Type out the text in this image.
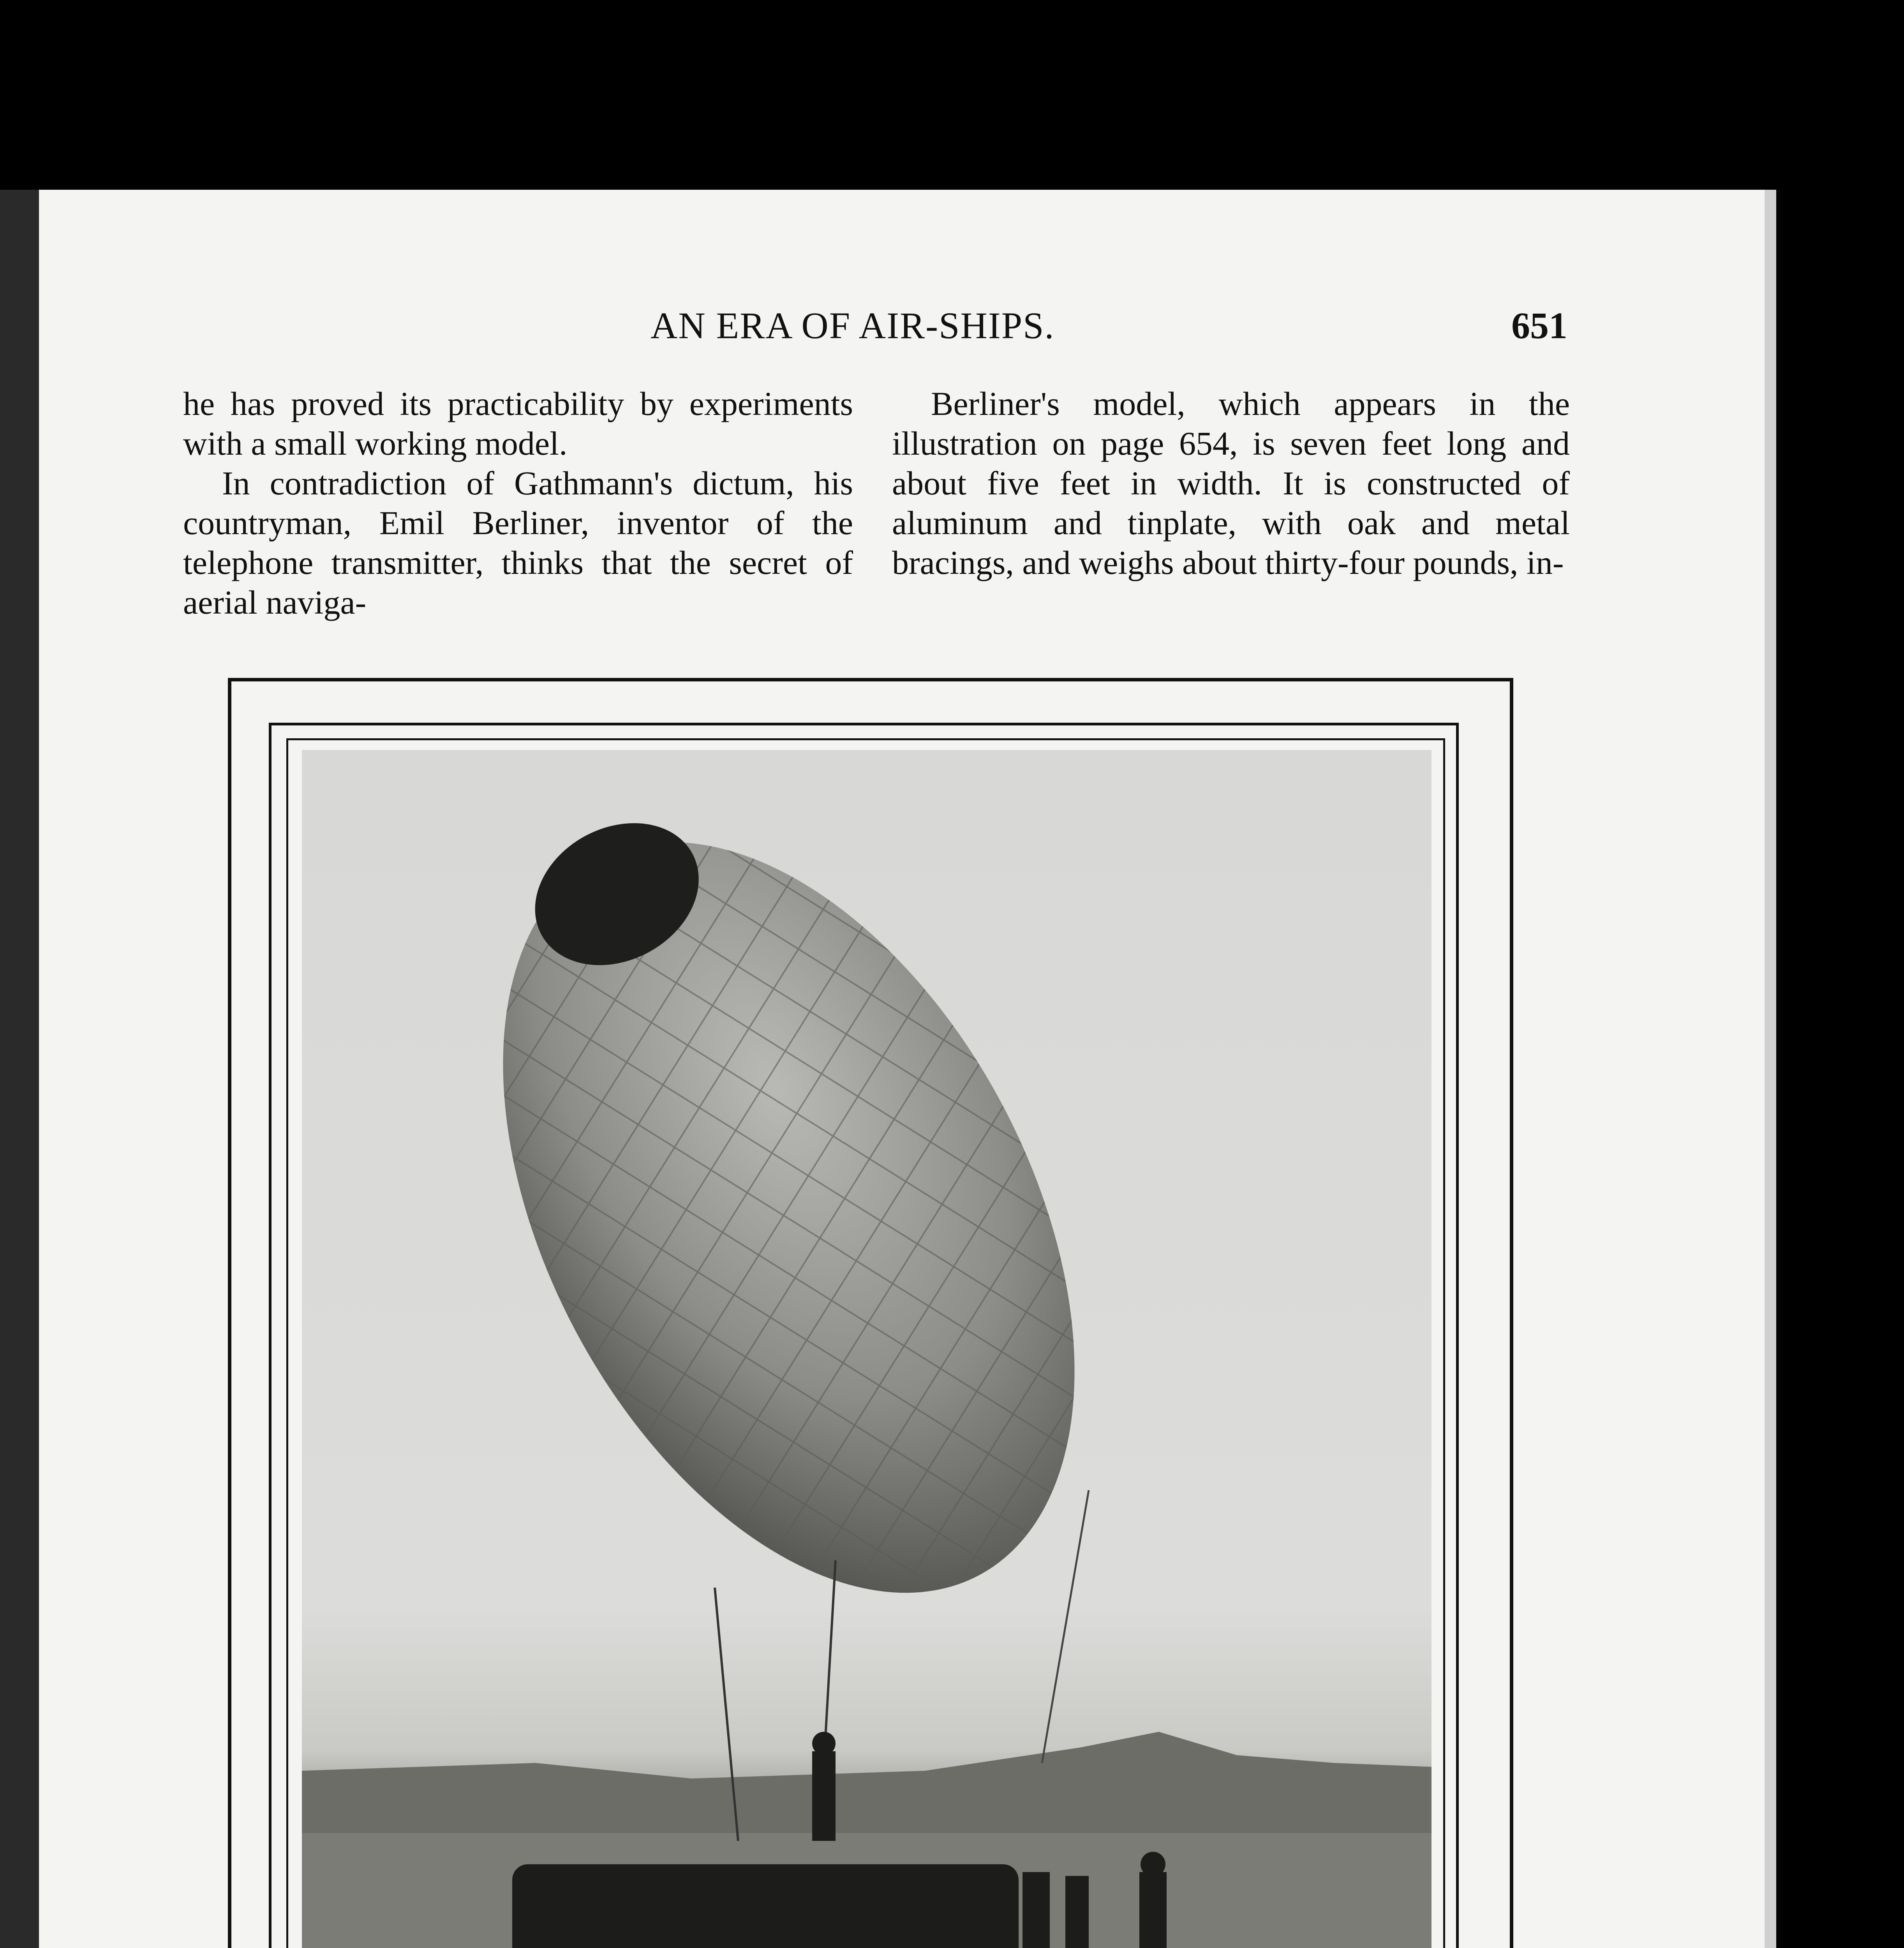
AN ERA OF AIR-SHIPS.	651

he has proved its practicability by experiments with a small working model.

In contradiction of Gathmann's dictum, his countryman, Emil Berliner, inventor of the telephone transmitter, thinks that the secret of aerial naviga-

Berliner's model, which appears in the illustration on page 654, is seven feet long and about five feet in width. It is constructed of aluminum and tinplate, with oak and metal bracings, and weighs about thirty-four pounds, in-
